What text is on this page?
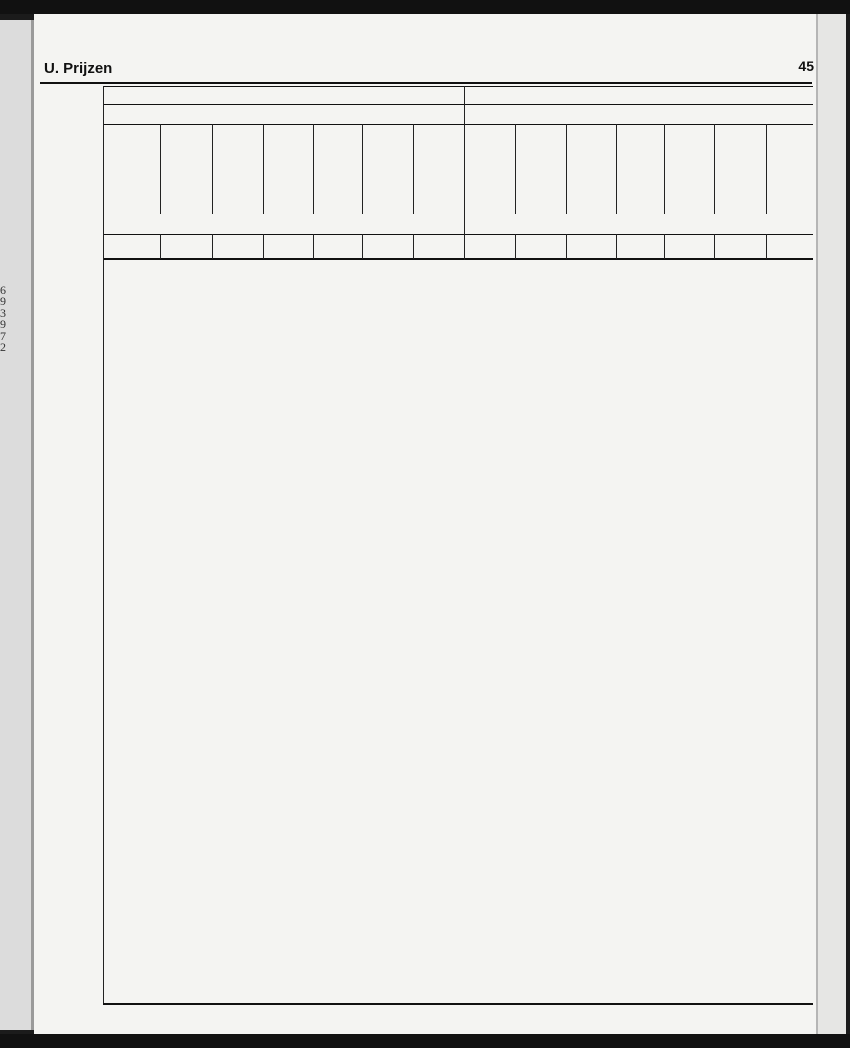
6
9
3
9
7
2
U. Prijzen	45
